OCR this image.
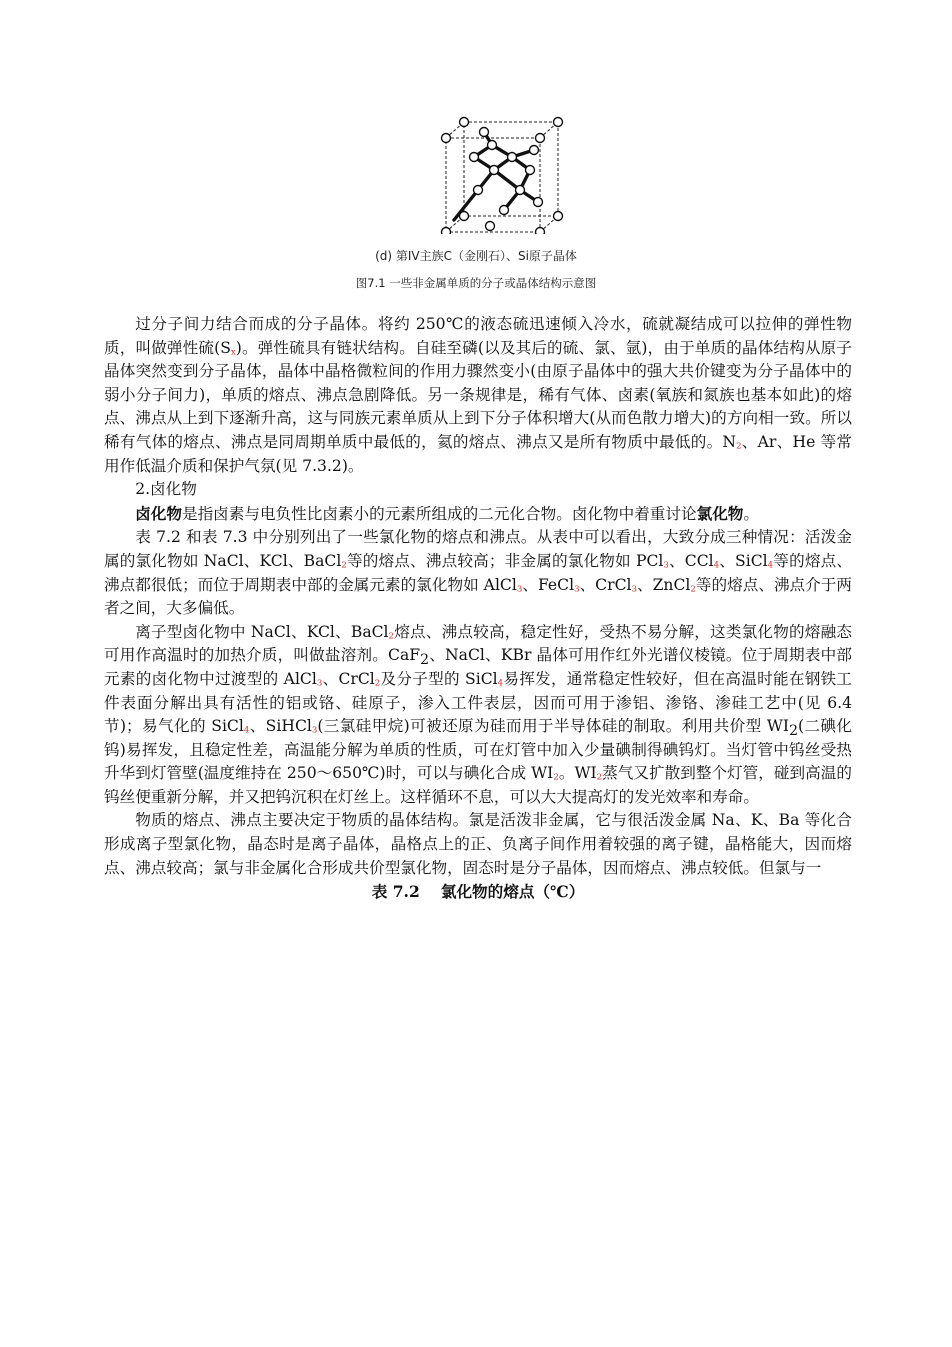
(d) 第IV主族C（金刚石）、Si原子晶体
图7.1 一些非金属单质的分子或晶体结构示意图

过分子间力结合而成的分子晶体。将约 250℃的液态硫迅速倾入冷水，硫就凝结成可以拉伸的弹性物质，叫做弹性硫$(S_x)$。弹性硫具有链状结构。自硅至磷(以及其后的硫、氯、氩)，由于单质的晶体结构从原子晶体突然变到分子晶体，晶体中晶格微粒间的作用力骤然变小(由原子晶体中的强大共价键变为分子晶体中的弱小分子间力)，单质的熔点、沸点急剧降低。另一条规律是，稀有气体、卤素(氧族和氮族也基本如此)的熔点、沸点从上到下逐渐升高，这与同族元素单质从上到下分子体积增大(从而色散力增大)的方向相一致。所以稀有气体的熔点、沸点是同周期单质中最低的，氦的熔点、沸点又是所有物质中最低的。$N_2$、Ar、He 等常用作低温介质和保护气氛(见 7.3.2)。

2.卤化物

卤化物是指卤素与电负性比卤素小的元素所组成的二元化合物。卤化物中着重讨论氯化物。

表 7.2 和表 7.3 中分别列出了一些氯化物的熔点和沸点。从表中可以看出，大致分成三种情况：活泼金属的氯化物如 NaCl、KCl、BaCl$_2$等的熔点、沸点较高；非金属的氯化物如 PCl$_3$、CCl$_4$、SiCl$_4$等的熔点、沸点都很低；而位于周期表中部的金属元素的氯化物如 AlCl$_3$、FeCl$_3$、CrCl$_3$、ZnCl$_2$等的熔点、沸点介于两者之间，大多偏低。

离子型卤化物中 NaCl、KCl、BaCl$_2$熔点、沸点较高，稳定性好，受热不易分解，这类氯化物的熔融态可用作高温时的加热介质，叫做盐溶剂。CaF$_2$、NaCl、KBr 晶体可用作红外光谱仪棱镜。位于周期表中部元素的卤化物中过渡型的 AlCl$_3$、CrCl$_2$及分子型的 SiCl$_4$易挥发，通常稳定性较好，但在高温时能在钢铁工件表面分解出具有活性的铝或铬、硅原子，渗入工件表层，因而可用于渗铝、渗铬、渗硅工艺中(见 6.4 节)；易气化的 SiCl$_4$、SiHCl$_3$(三氯硅甲烷)可被还原为硅而用于半导体硅的制取。利用共价型 $WI_2$(二碘化钨)易挥发，且稳定性差，高温能分解为单质的性质，可在灯管中加入少量碘制得碘钨灯。当灯管中钨丝受热升华到灯管壁(温度维持在 250～650℃)时，可以与碘化合成 $WI_2$。$WI_2$蒸气又扩散到整个灯管，碰到高温的钨丝便重新分解，并又把钨沉积在灯丝上。这样循环不息，可以大大提高灯的发光效率和寿命。

物质的熔点、沸点主要决定于物质的晶体结构。氯是活泼非金属，它与很活泼金属 Na、K、Ba 等化合形成离子型氯化物，晶态时是离子晶体，晶格点上的正、负离子间作用着较强的离子键，晶格能大，因而熔点、沸点较高；氯与非金属化合形成共价型氯化物，固态时是分子晶体，因而熔点、沸点较低。但氯与一

表 7.2　 氯化物的熔点（℃）
